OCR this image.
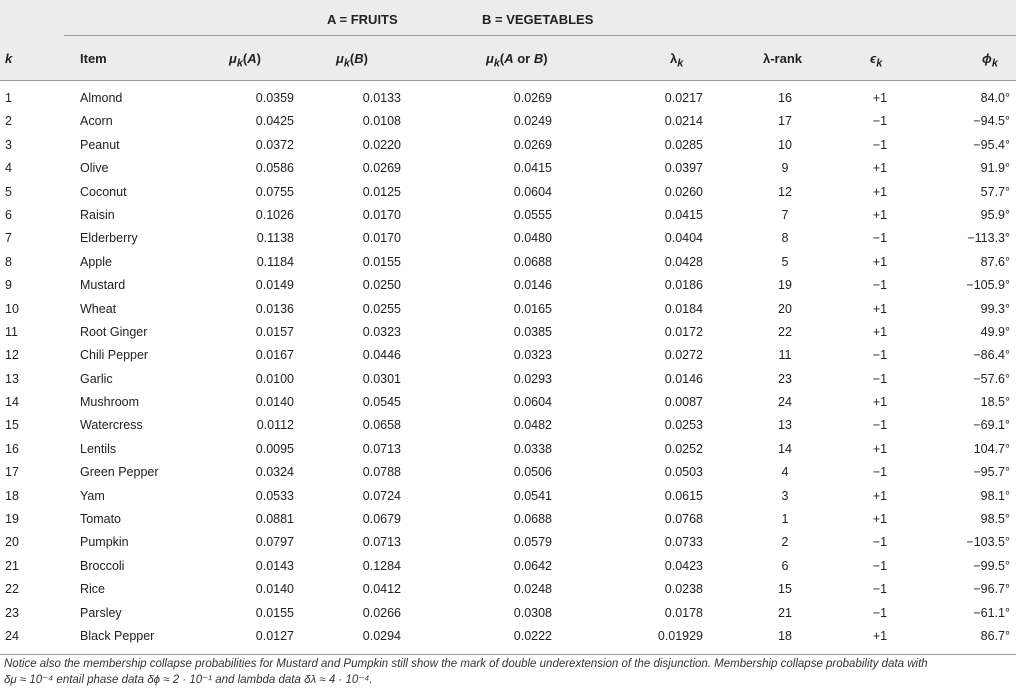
A = FRUITS	B = VEGETABLES
k	Item	$\mu_k(A)$	$\mu_k(B)$	$\mu_k(A$ or B)	$\lambda_k$	λ-rank	$\epsilon_k$	$\phi_k$
1	Almond	0.0359	0.0133	0.0269	0.0217	16	+1	84.0°
2	Acorn	0.0425	0.0108	0.0249	0.0214	17	−1	−94.5°
3	Peanut	0.0372	0.0220	0.0269	0.0285	10	−1	−95.4°
4	Olive	0.0586	0.0269	0.0415	0.0397	9	+1	91.9°
5	Coconut	0.0755	0.0125	0.0604	0.0260	12	+1	57.7°
6	Raisin	0.1026	0.0170	0.0555	0.0415	7	+1	95.9°
7	Elderberry	0.1138	0.0170	0.0480	0.0404	8	−1	−113.3°
8	Apple	0.1184	0.0155	0.0688	0.0428	5	+1	87.6°
9	Mustard	0.0149	0.0250	0.0146	0.0186	19	−1	−105.9°
10	Wheat	0.0136	0.0255	0.0165	0.0184	20	+1	99.3°
11	Root Ginger	0.0157	0.0323	0.0385	0.0172	22	+1	49.9°
12	Chili Pepper	0.0167	0.0446	0.0323	0.0272	11	−1	−86.4°
13	Garlic	0.0100	0.0301	0.0293	0.0146	23	−1	−57.6°
14	Mushroom	0.0140	0.0545	0.0604	0.0087	24	+1	18.5°
15	Watercress	0.0112	0.0658	0.0482	0.0253	13	−1	−69.1°
16	Lentils	0.0095	0.0713	0.0338	0.0252	14	+1	104.7°
17	Green Pepper	0.0324	0.0788	0.0506	0.0503	4	−1	−95.7°
18	Yam	0.0533	0.0724	0.0541	0.0615	3	+1	98.1°
19	Tomato	0.0881	0.0679	0.0688	0.0768	1	+1	98.5°
20	Pumpkin	0.0797	0.0713	0.0579	0.0733	2	−1	−103.5°
21	Broccoli	0.0143	0.1284	0.0642	0.0423	6	−1	−99.5°
22	Rice	0.0140	0.0412	0.0248	0.0238	15	−1	−96.7°
23	Parsley	0.0155	0.0266	0.0308	0.0178	21	−1	−61.1°
24	Black Pepper	0.0127	0.0294	0.0222	0.01929	18	+1	86.7°
Notice also the membership collapse probabilities for Mustard and Pumpkin still show the mark of double underextension of the disjunction. Membership collapse probability data with
δμ ≈ 10⁻⁴ entail phase data δϕ ≈ 2 · 10⁻¹ and lambda data δλ ≈ 4 · 10⁻⁴.
